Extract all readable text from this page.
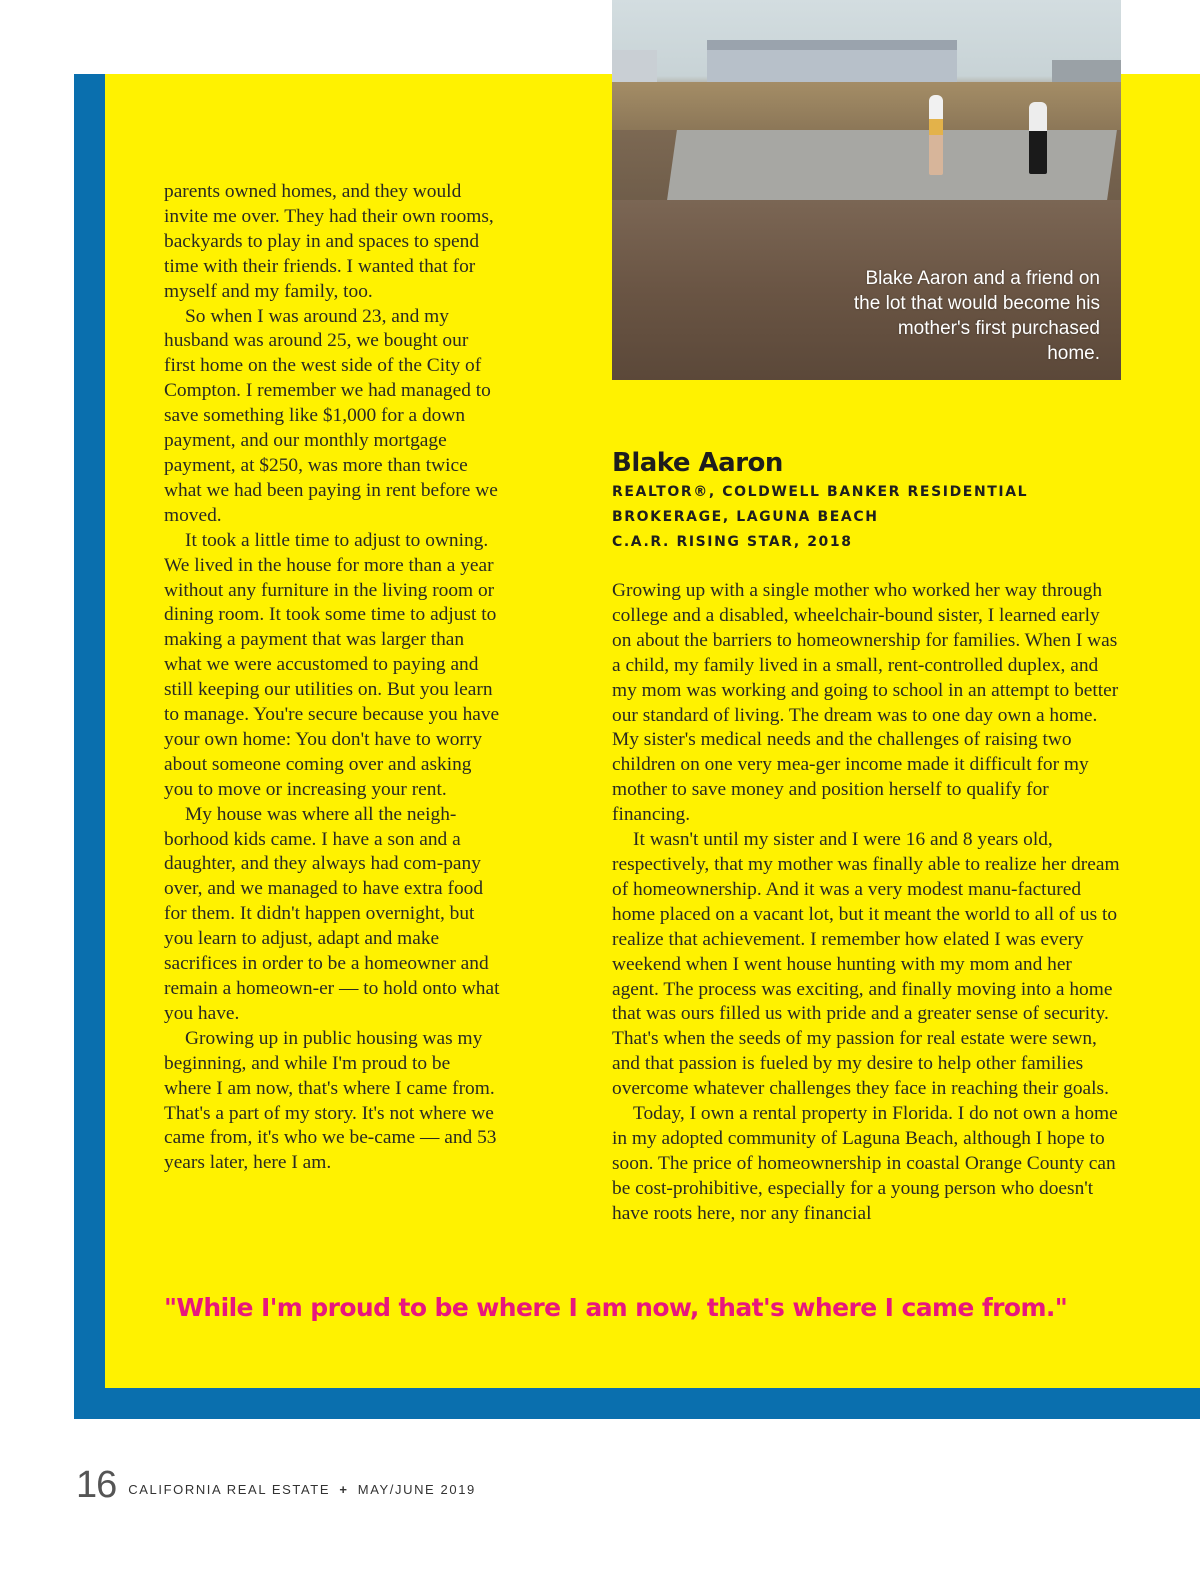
Blake Aaron and a friend on the lot that would become his mother's first purchased home.

parents owned homes, and they would invite me over. They had their own rooms, backyards to play in and spaces to spend time with their friends. I wanted that for myself and my family, too.

So when I was around 23, and my husband was around 25, we bought our first home on the west side of the City of Compton. I remember we had managed to save something like $1,000 for a down payment, and our monthly mortgage payment, at $250, was more than twice what we had been paying in rent before we moved.

It took a little time to adjust to owning. We lived in the house for more than a year without any furniture in the living room or dining room. It took some time to adjust to making a payment that was larger than what we were accustomed to paying and still keeping our utilities on. But you learn to manage. You're secure because you have your own home: You don't have to worry about someone coming over and asking you to move or increasing your rent.

My house was where all the neigh-borhood kids came. I have a son and a daughter, and they always had com-pany over, and we managed to have extra food for them. It didn't happen overnight, but you learn to adjust, adapt and make sacrifices in order to be a homeowner and remain a homeown-er — to hold onto what you have.

Growing up in public housing was my beginning, and while I'm proud to be where I am now, that's where I came from. That's a part of my story. It's not where we came from, it's who we be-came — and 53 years later, here I am.

Blake Aaron
REALTOR®, COLDWELL BANKER RESIDENTIAL
BROKERAGE, LAGUNA BEACH
C.A.R. RISING STAR, 2018

Growing up with a single mother who worked her way through college and a disabled, wheelchair-bound sister, I learned early on about the barriers to homeownership for families. When I was a child, my family lived in a small, rent-controlled duplex, and my mom was working and going to school in an attempt to better our standard of living. The dream was to one day own a home. My sister's medical needs and the challenges of raising two children on one very mea-ger income made it difficult for my mother to save money and position herself to qualify for financing.

It wasn't until my sister and I were 16 and 8 years old, respectively, that my mother was finally able to realize her dream of homeownership. And it was a very modest manu-factured home placed on a vacant lot, but it meant the world to all of us to realize that achievement. I remember how elated I was every weekend when I went house hunting with my mom and her agent. The process was exciting, and finally moving into a home that was ours filled us with pride and a greater sense of security. That's when the seeds of my passion for real estate were sewn, and that passion is fueled by my desire to help other families overcome whatever challenges they face in reaching their goals.

Today, I own a rental property in Florida. I do not own a home in my adopted community of Laguna Beach, although I hope to soon. The price of homeownership in coastal Orange County can be cost-prohibitive, especially for a young person who doesn't have roots here, nor any financial

"While I'm proud to be where I am now, that's where I came from."
16 CALIFORNIA REAL ESTATE + MAY/JUNE 2019
